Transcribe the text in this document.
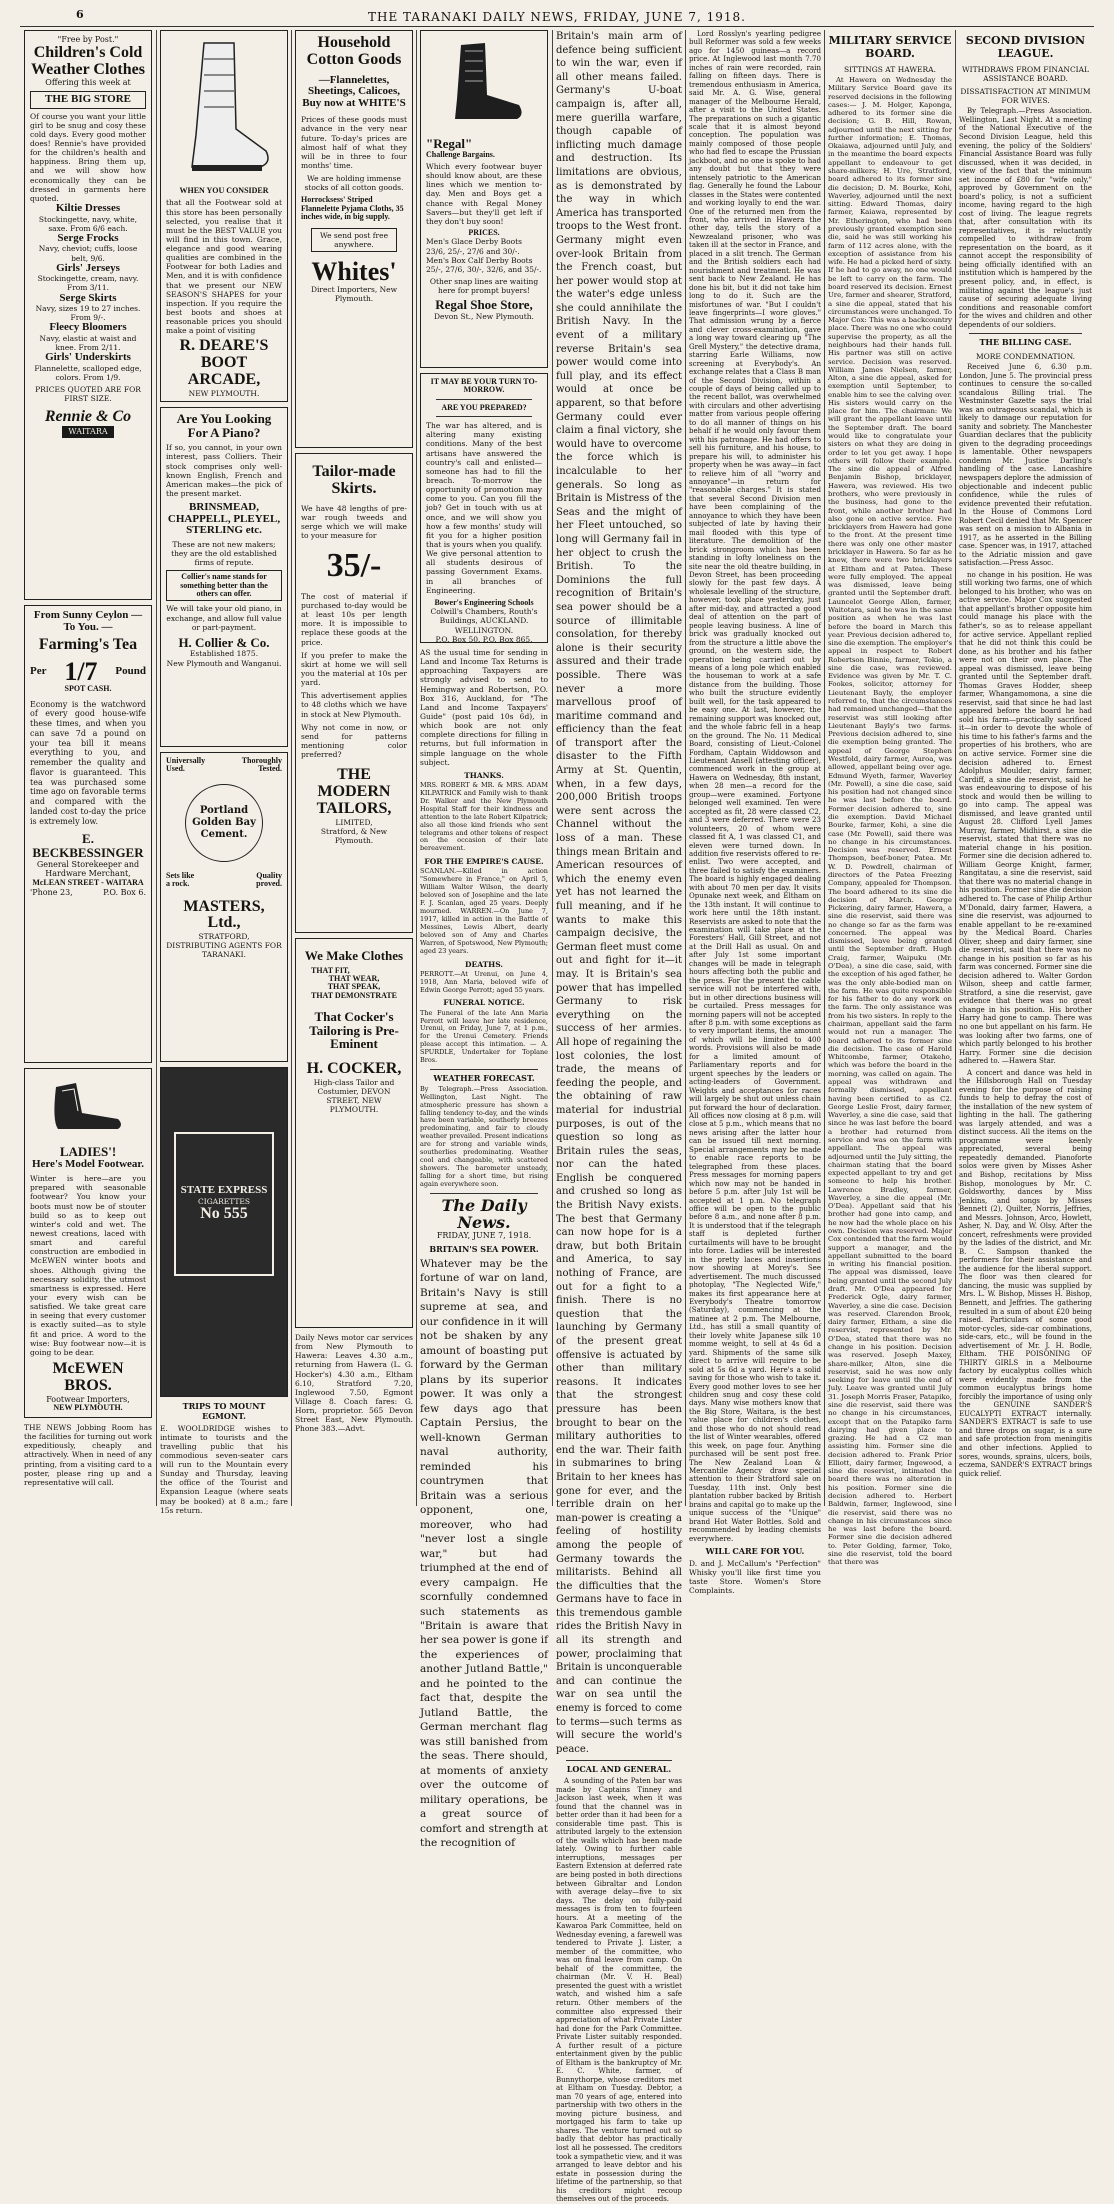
6	THE TARANAKI DAILY NEWS, FRIDAY, JUNE 7, 1918.
"Free by Post."
Children's Cold Weather Clothes
Offering this week at
THE BIG STORE
Of course you want your little girl to be snug and cosy these cold days. Every good mother does! Rennie's have provided for the children's health and happiness. Bring them up, and we will show how economically they can be dressed in garments here quoted.
Kiltie Dresses
Stockingette, navy, white, saxe. From 6/6 each.
Serge Frocks
Navy, cheviot; cuffs, loose belt, 9/6.
Girls' Jerseys
Stockingette, cream, navy. From 3/11.
Serge Skirts
Navy, sizes 19 to 27 inches. From 9/-.
Fleecy Bloomers
Navy, elastic at waist and knee. From 2/11.
Girls' Underskirts
Flannelette, scalloped edge, colors. From 1/9.
PRICES QUOTED ARE FOR FIRST SIZE.
Rennie & Co
WAITARA
From Sunny Ceylon — To You. —
Farming's Tea
Per 1/7 Pound
SPOT CASH.
Economy is the watchword of every good house-wife these times, and when you can save 7d a pound on your tea bill it means everything to you, and remember the quality and flavor is guaranteed. This tea was purchased some time ago on favorable terms and compared with the landed cost to-day the price is extremely low.
E. BECKBESSINGER
General Storekeeper and Hardware Merchant,
McLEAN STREET - WAITARA
'Phone 23,	P.O. Box 6.
LADIES'!
Here's Model Footwear.
Winter is here—are you prepared with seasonable footwear? You know your boots must now be of stouter build so as to keep out winter's cold and wet. The newest creations, laced with smart and careful construction are embodied in McEWEN winter boots and shoes. Although giving the necessary solidity, the utmost smartness is expressed. Here your every wish can be satisfied. We take great care in seeing that every customer is exactly suited—as to style fit and price. A word to the wise: Buy footwear now—it is going to be dear.
McEWEN BROS.
Footwear Importers,
NEW PLYMOUTH.
THE NEWS Jobbing Room has the facilities for turning out work expeditiously, cheaply and attractively. When in need of any printing, from a visiting card to a poster, please ring up and a representative will call.
WHEN YOU CONSIDER
that all the Footwear sold at this store has been personally selected, you realise that it must be the BEST VALUE you will find in this town. Grace, elegance and good wearing qualities are combined in the Footwear for both Ladies and Men, and it is with confidence that we present our NEW SEASON'S SHAPES for your inspection. If you require the best boots and shoes at reasonable prices you should make a point of visiting
R. DEARE'S BOOT ARCADE,
NEW PLYMOUTH.
Are You Looking For A Piano?
If so, you cannot, in your own interest, pass Colliers. Their stock comprises only well-known English, French and American makes—the pick of the present market.
BRINSMEAD, CHAPPELL, PLEYEL, STERLING etc.
These are not new makers; they are the old established firms of repute.
Collier's name stands for something better than the others can offer.
We will take your old piano, in exchange, and allow full value or part-payment.
H. Collier & Co.
Established 1875.
New Plymouth and Wanganui.
Universally	Thoroughly
Used.	Tested.
Portland Golden Bay Cement.
Sets like	Quality
a rock.	proved.
MASTERS, Ltd.,
STRATFORD,
DISTRIBUTING AGENTS FOR TARANAKI.
STATE EXPRESS
CIGARETTES
No 555
TRIPS TO MOUNT EGMONT.
E. WOOLDRIDGE wishes to intimate to tourists and the travelling public that his commodious seven-seater cars will run to the Mountain every Sunday and Thursday, leaving the office of the Tourist and Expansion League (where seats may be booked) at 8 a.m.; fare 15s return.
Household Cotton Goods
—Flannelettes, Sheetings, Calicoes, Buy now at WHITE'S
Prices of these goods must advance in the very near future. To-day's prices are almost half of what they will be in three to four months' time.
We are holding immense stocks of all cotton goods.
Horrocksess' Striped Flannelette Pyjama Cloths, 35 inches wide, in big supply.
We send post free anywhere.
Whites'
Direct Importers, New Plymouth.
Tailor-made Skirts.
We have 48 lengths of pre-war rough tweeds and serge which we will make to your measure for
35/-
The cost of material if purchased to-day would be at least 10s per length more. It is impossible to replace these goods at the price.
If you prefer to make the skirt at home we will sell you the material at 10s per yard.
This advertisement applies to 48 cloths which we have in stock at New Plymouth.
Why not come in now, or send for patterns mentioning color preferred?
THE MODERN TAILORS,
LIMITED,
Stratford, & New Plymouth.
We Make Clothes
THAT FIT,
THAT WEAR,
THAT SPEAK,
THAT DEMONSTRATE
That Cocker's Tailoring is Pre-Eminent
H. COCKER,
High-class Tailor and Costumier, DEVON STREET, NEW PLYMOUTH.
Daily News motor car services from New Plymouth to Hawera: Leaves 4.30 a.m., returning from Hawera (L. G. Hocker's) 4.30 a.m., Eltham 6.10, Stratford 7.20, Inglewood 7.50, Egmont Village 8. Coach fares: G. Horn, proprietor. 565 Devon Street East, New Plymouth. Phone 383.—Advt.
"Regal"
Challenge Bargains.
Which every footwear buyer should know about, are these lines which we mention to-day. Men and Boys get a chance with Regal Money Savers—but they'll get left if they don't buy soon!
PRICES.
Men's Glace Derby Boots 23/6, 25/-, 27/6 and 30/-.
Men's Box Calf Derby Boots 25/-, 27/6, 30/-, 32/6, and 35/-.
Other snap lines are waiting here for prompt buyers!
Regal Shoe Store,
Devon St., New Plymouth.
IT MAY BE YOUR TURN TO-MORROW.
ARE YOU PREPARED?
The war has altered, and is altering many existing conditions. Many of the best artisans have answered the country's call and enlisted—someone has had to fill the breach. To-morrow the opportunity of promotion may come to you. Can you fill the job? Get in touch with us at once, and we will show you how a few months' study will fit you for a higher position that is yours when you qualify. We give personal attention to all students desirous of passing Government Exams. in all branches of Engineering.
Bower's Engineering Schools
Colwill's Chambers, Routh's Buildings, AUCKLAND. WELLINGTON.
P.O. Box 50. P.O. Box 865.
AS the usual time for sending in Land and Income Tax Returns is approaching Taxpayers are strongly advised to send to Hemingway and Robertson, P.O. Box 316, Auckland, for "The Land and Income Taxpayers' Guide" (post paid 10s 6d), in which book are not only complete directions for filling in returns, but full information in simple language on the whole subject.
THANKS.
MRS. ROBERT & MR. & MRS. ADAM KILPATRICK and Family wish to thank Dr. Walker and the New Plymouth Hospital Staff for their kindness and attention to the late Robert Kilpatrick; also all those kind friends who sent telegrams and other tokens of respect on the occasion of their late bereavement.
FOR THE EMPIRE'S CAUSE.
SCANLAN.—Killed in action "Somewhere in France," on April 5, William Walter Wilson, the dearly beloved son of Josephine and the late F. J. Scanlan, aged 25 years. Deeply mourned. WARREN.—On June 7, 1917, killed in action in the Battle of Messines, Lewis Albert, dearly beloved son of Amy and Charles Warren, of Spotswood, New Plymouth; aged 23 years.
DEATHS.
PERROTT.—At Urenui, on June 4, 1918, Ann Maria, beloved wife of Edwin George Perrott; aged 55 years.
FUNERAL NOTICE.
The Funeral of the late Ann Maria Perrott will leave her late residence, Urenui, on Friday, June 7, at 1 p.m., for the Urenui Cemetery. Friends please accept this intimation. — A. SPURDLE, Undertaker for Toplane Bros.
WEATHER FORECAST.
By Telegraph.—Press Association. Wellington, Last Night. The atmospheric pressure has shown a falling tendency to-day, and the winds have been variable, southerly breezes predominating, and fair to cloudy weather prevailed. Present indications are for strong and variable winds, southerlies predominating. Weather cool and changeable, with scattered showers. The barometer unsteady, falling for a short time, but rising again everywhere soon.
The Daily News.
FRIDAY, JUNE 7, 1918.
BRITAIN'S SEA POWER.
Whatever may be the fortune of war on land, Britain's Navy is still supreme at sea, and our confidence in it will not be shaken by any amount of boasting put forward by the German plans by its superior power. It was only a few days ago that Captain Persius, the well-known German naval authority, reminded his countrymen that Britain was a serious opponent, one, moreover, who had "never lost a single war," but had triumphed at the end of every campaign. He scornfully condemned such statements as "Britain is aware that her sea power is gone if the experiences of another Jutland Battle," and he pointed to the fact that, despite the Jutland Battle, the German merchant flag was still banished from the seas. There should, at moments of anxiety over the outcome of military operations, be a great source of comfort and strength at the recognition of
Britain's main arm of defence being sufficient to win the war, even if all other means failed. Germany's U-boat campaign is, after all, mere guerilla warfare, though capable of inflicting much damage and destruction. Its limitations are obvious, as is demonstrated by the way in which America has transported troops to the West front. Germany might even over-look Britain from the French coast, but her power would stop at the water's edge unless she could annihilate the British Navy. In the event of a military reverse Britain's sea power would come into full play, and its effect would at once be apparent, so that before Germany could ever claim a final victory, she would have to overcome the force which is incalculable to her generals. So long as Britain is Mistress of the Seas and the might of her Fleet untouched, so long will Germany fail in her object to crush the British. To the Dominions the full recognition of Britain's sea power should be a source of illimitable consolation, for thereby alone is their security assured and their trade possible. There was never a more marvellous proof of maritime command and efficiency than the feat of transport after the disaster to the Fifth Army at St. Quentin, when, in a few days, 200,000 British troops were sent across the Channel without the loss of a man. These things mean Britain and American resources of which the enemy even yet has not learned the full meaning, and if he wants to make this campaign decisive, the German fleet must come out and fight for it—it may. It is Britain's sea power that has impelled Germany to risk everything on the success of her armies. All hope of regaining the lost colonies, the lost trade, the means of feeding the people, and the obtaining of raw material for industrial purposes, is out of the question so long as Britain rules the seas, nor can the hated English be conquered and crushed so long as the British Navy exists. The best that Germany can now hope for is a draw, but both Britain and America, to say nothing of France, are out for a fight to a finish. There is no question that the launching by Germany of the present great offensive is actuated by other than military reasons. It indicates that the strongest pressure has been brought to bear on the military authorities to end the war. Their faith in submarines to bring Britain to her knees has gone for ever, and the terrible drain on her man-power is creating a feeling of hostility among the people of Germany towards the militarists. Behind all the difficulties that the Germans have to face in this tremendous gamble rides the British Navy in all its strength and power, proclaiming that Britain is unconquerable and can continue the war on sea until the enemy is forced to come to terms—such terms as will secure the world's peace.
LOCAL AND GENERAL.
A sounding of the Paten bar was made by Captains Tinney and Jackson last week, when it was found that the channel was in better order than it had been for a considerable time past. This is attributed largely to the extension of the walls which has been made lately. Owing to further cable interruptions, messages per Eastern Extension at deferred rate are being posted in both directions between Gibraltar and London with average delay—five to six days. The delay on fully-paid messages is from ten to fourteen hours. At a meeting of the Kawaroa Park Committee, held on Wednesday evening, a farewell was tendered to Private J. Lister, a member of the committee, who was on final leave from camp. On behalf of the committee, the chairman (Mr. V. H. Beal) presented the guest with a wristlet watch, and wished him a safe return. Other members of the committee also expressed their appreciation of what Private Lister had done for the Park Committee. Private Lister suitably responded. A further result of a picture entertainment given by the public of Eltham is the bankruptcy of Mr. E. C. White, farmer, of Bunnythorpe, whose creditors met at Eltham on Tuesday. Debtor, a man 70 years of age, entered into partnership with two others in the moving picture business, and mortgaged his farm to take up shares. The venture turned out so badly that debtor has practically lost all he possessed. The creditors took a sympathetic view, and it was arranged to leave debtor and his estate in possession during the lifetime of the partnership, so that his creditors might recoup themselves out of the proceeds.
Lord Rosslyn's yearling pedigree bull Reformer was sold a few weeks ago for 1450 guineas—a record price. At Inglewood last month 7.70 inches of rain were recorded, rain falling on fifteen days. There is tremendous enthusiasm in America, said Mr. A. G. Wise, general manager of the Melbourne Herald, after a visit to the United States. The preparations on such a gigantic scale that it is almost beyond conception. The population was mainly composed of those people who had fled to escape the Prussian jackboot, and no one is spoke to had any doubt but that they were intensely patriotic to the American flag. Generally he found the Labour classes in the States were contented and working loyally to end the war. One of the returned men from the front, who arrived in Hawera the other day, tells the story of a Newzealand prisoner, who was taken ill at the sector in France, and placed in a slit trench. The German and the British soldiers each had nourishment and treatment. He was sent back to New Zealand. He has done his bit, but it did not take him long to do it. Such are the misfortunes of war. "But I couldn't leave fingerprints—I wore gloves." That admission wrung by a fierce and clever cross-examination, gave a long way toward clearing up "The Grell Mystery," the detective drama, starring Earle Williams, now screening at Everybody's. An exchange relates that a Class B man of the Second Division, within a couple of days of being called up to the recent ballot, was overwhelmed with circulars and other advertising matter from various people offering to do all manner of things on his behalf if he would only favour them with his patronage. He had offers to sell his furniture, and his house, to prepare his will, to administer his property when he was away—in fact to relieve him of all "worry and annoyance"—in return for "reasonable charges." It is stated that several Second Division men have been complaining of the annoyance to which they have been subjected of late by having their mail flooded with this type of literature. The demolition of the brick strongroom which has been standing in lofty loneliness on the site near the old theatre building, in Devon Street, has been proceeding slowly for the past few days. A wholesale levelling of the structure, however, took place yesterday, just after mid-day, and attracted a good deal of attention on the part of people leaving business. A line of brick was gradually knocked out from the structure a little above the ground, on the western side, the operation being carried out by means of a long pole which enabled the houseman to work at a safe distance from the building. Those who built the structure evidently built well, for the task appeared to be easy one. At last, however, the remaining support was knocked out, and the whole fabric fell in a heap on the ground. The No. 11 Medical Board, consisting of Lieut.-Colonel Fordham, Captain Widdowson and Lieutenant Ansell (attesting officer), commenced work in the group at Hawera on Wednesday, 8th instant, when 28 men—a record for the group—were examined. Fortyone belonged well examined. Ten were accepted as fit, 28 were classed C2, and 3 were deferred. There were 23 volunteers, 20 of whom were classed fit A, 1 was classed C1, and eleven were turned down. In addition five reservists offered to re-enlist. Two were accepted, and three failed to satisfy the examiners. The board is highly engaged dealing with about 70 men per day. It visits Opunake next week, and Eltham on the 13th instant. It will continue to work here until the 18th instant. Reservists are asked to note that the examination will take place at the Foresters' Hall, Gill Street, and not at the Drill Hall as usual. On and after July 1st some important changes will be made in telegraph hours affecting both the public and the press. For the present the cable service will not be interfered with, but in other directions business will be curtailed. Press messages for morning papers will not be accepted after 8 p.m. with some exceptions as to very important items, the amount of which will be limited to 400 words. Provisions will also be made for a limited amount of Parliamentary reports and for urgent speeches by the leaders or acting-leaders of Government. Weights and acceptances for races will largely be shut out unless chain put forward the hour of declaration. All offices now closing at 8 p.m. will close at 5 p.m., which means that no news arising after the latter hour can be issued till next morning. Special arrangements may be made to enable race reports to be telegraphed from these places. Press messages for morning papers which now may not be handed in before 5 p.m. after July 1st will be accepted at 1 p.m. No telegraph office will be open to the public before 8 a.m., and none after 8 p.m. It is understood that if the telegraph staff is depleted further curtailments will have to be brought into force. Ladies will be interested in the pretty laces and insertions now showing at Morey's. See advertisement. The much discussed photoplay, "The Neglected Wife," makes its first appearance here at Everybody's Theatre tomorrow (Saturday), commencing at the matinee at 2 p.m. The Melbourne, Ltd., has still a small quantity of their lovely white Japanese silk 10 momme weight, to sell at 4s 6d a yard. Shipments of the same silk direct to arrive will require to be sold at 5s 6d a yard. Here's a solid saving for those who wish to take it. Every good mother loves to see her children snug and cosy these cold days. Many wise mothers know that the Big Store, Waitara, is the best value place for children's clothes, and those who do not should read the list of Winter wearables, offered this week, on page four. Anything purchased will be sent post free. The New Zealand Loan & Mercantile Agency draw special attention to their Stratford sale on Tuesday, 11th inst. Only best plantation rubber backed by British brains and capital go to make up the unique success of the "Unique" brand Hot Water Bottles. Sold and recommended by leading chemists everywhere.
WILL CARE FOR YOU.
D. and J. McCallum's "Perfection" Whisky you'll like first time you taste Store. Women's Store Complaints.
MILITARY SERVICE BOARD.
SITTINGS AT HAWERA.
At Hawera on Wednesday the Military Service Board gave its reserved decisions in the following cases:— J. M. Holger, Kaponga, adhered to its former sine die decision; G. B. Hill, Rowan, adjourned until the next sitting for further information; E. Thomas, Okaiawa, adjourned until July, and in the meantime the board expects appellant to endeavour to get share-milkers; H. Ure, Stratford, board adhered to its former sine die decision; D. M. Bourke, Kohi, Waverley, adjourned until the next sitting. Edward Thomas, dairy farmer, Kaiawa, represented by Mr. Etherington, who had been previously granted exemption sine die, said he was still working his farm of 112 acres alone, with the exception of assistance from his wife. He had a picked herd of sixty. If he had to go away, no one would be left to carry on the farm. The board reserved its decision. Ernest Ure, farmer and shearer, Stratford, a sine die appeal, stated that his circumstances were unchanged. To Major Cox: This was a backcountry place. There was no one who could supervise the property, as all the neighbours had their hands full. His partner was still on active service. Decision was reserved. William James Nielsen, farmer, Alton, a sine die appeal, asked for exemption until September, to enable him to see the calving over. His sisters would carry on the place for him. The chairman: We will grant the appellant leave until the September draft. The board would like to congratulate your sisters on what they are doing in order to let you get away. I hope others will follow their example. The sine die appeal of Alfred Benjamin Bishop, bricklayer, Hawera, was reviewed. His two brothers, who were previously in the business, had gone to the front, while another brother had also gone on active service. Five bricklayers from Hawera had gone to the front. At the present time there was only one other master bricklayer in Hawera. So far as he knew, there were two bricklayers at Eltham and at Patea. These were fully employed. The appeal was dismissed, leave being granted until the September draft. Launcelot George Allen, farmer, Waitotara, said he was in the same position as when he was last before the board in March this year. Previous decision adhered to, sine die exemption. The employer's appeal in respect to Robert Robertson Binnie, farmer, Tokio, a sine die case, was reviewed. Evidence was given by Mr. T. C. Fookes, solicitor, attorney for Lieutenant Bayly, the employer referred to, that the circumstances had remained unchanged—that the reservist was still looking after Lieutenant Bayly's two farms. Previous decision adhered to, sine die exemption being granted. The appeal of George Stephen Westfold, dairy farmer, Auroa, was allowed, appellant being over age. Edmund Wyeth, farmer, Waverley (Mr. Powell), a sine die case, said his position had not changed since he was last before the board. Former decision adhered to, sine die exemption. David Michael Bourke, farmer, Kohi, a sine die case (Mr. Powell), said there was no change in his circumstances. Decision was reserved. Ernest Thompson, beef-boner, Patea. Mr. W. D. Powdrell, chairman of directors of the Patea Freezing Company, appealed for Thompson. The board adhered to its sine die decision of March. George Pickering, dairy farmer, Hawera, a sine die reservist, said there was no change so far as the farm was concerned. The appeal was dismissed, leave being granted until the September draft. Hugh Craig, farmer, Waipuku (Mr. O'Dea), a sine die case, said, with the exception of his aged father, he was the only able-bodied man on the farm. He was quite responsible for his father to do any work on the farm. The only assistance was from his two sisters. In reply to the chairman, appellant said the farm would not run a manager. The board adhered to its former sine die decision. The case of Harold Whitcombe, farmer, Otakeho, which was before the board in the morning, was called on again. The appeal was withdrawn and formally dismissed, appellant having been certified to as C2. George Leslie Frost, dairy farmer, Waverley, a sine die case, said that since he was last before the board a brother had returned from service and was on the farm with appellant. The appeal was adjourned until the July sitting, the chairman stating that the board expected appellant to try and get someone to help his brother. Lawrence Bradley, farmer, Waverley, a sine die appeal (Mr. O'Dea). Appellant said that his brother had gone into camp, and he now had the whole place on his own. Decision was reserved. Major Cox contended that the farm would support a manager, and the appellant submitted to the board in writing his financial position. The appeal was dismissed, leave being granted until the second July draft. Mr. O'Dea appeared for Frederick Ogle, dairy farmer, Waverley, a sine die case. Decision was reserved. Clarendon Brook, dairy farmer, Eltham, a sine die reservist, represented by Mr. O'Dea, stated that there was no change in his position. Decision was reserved. Joseph Maxey, share-milker, Alton, sine die reservist, said he was now only seeking for leave until the end of July. Leave was granted until July 31. Joseph Morris Fraser, Patapiko, sine die reservist, said there was no change in his circumstances, except that on the Patapiko farm dairying had given place to grazing. He had a C2 man assisting him. Former sine die decision adhered to. Frank Prior Elliott, dairy farmer, Ingewood, a sine die reservist, intimated the board there was no alteration in his position. Former sine die decision adhered to. Herbert Baldwin, farmer, Inglewood, sine die reservist, said there was no change in his circumstances since he was last before the board. Former sine die decision adhered to. Peter Golding, farmer, Toko, sine die reservist, told the board that there was
SECOND DIVISION LEAGUE.
WITHDRAWS FROM FINANCIAL ASSISTANCE BOARD.
DISSATISFACTION AT MINIMUM FOR WIVES.
By Telegraph.—Press Association. Wellington, Last Night. At a meeting of the National Executive of the Second Division League, held this evening, the policy of the Soldiers' Financial Assistance Board was fully discussed, when it was decided, in view of the fact that the minimum set income of £80 for "wife only," approved by Government on the board's policy, is not a sufficient income, having regard to the high cost of living. The league regrets that, after consultation with its representatives, it is reluctantly compelled to withdraw from representation on the board, as it cannot accept the responsibility of being officially identified with an institution which is hampered by the present policy, and, in effect, is militating against the league's just cause of securing adequate living conditions and reasonable comfort for the wives and children and other dependents of our soldiers.
THE BILLING CASE.
MORE CONDEMNATION.
Received June 6, 6.30 p.m. London, June 5. The provincial press continues to censure the so-called scandalous Billing trial. The Westminster Gazette says the trial was an outrageous scandal, which is likely to damage our reputation for sanity and sobriety. The Manchester Guardian declares that the publicity given to the degrading proceedings is lamentable. Other newspapers condemn Mr. Justice Darling's handling of the case. Lancashire newspapers deplore the admission of objectionable and indecent public confidence, while the rules of evidence prevented their refutation. In the House of Commons Lord Robert Cecil denied that Mr. Spencer was sent on a mission to Albania in 1917, as he asserted in the Billing case. Spencer was, in 1917, attached to the Adriatic mission and gave satisfaction.—Press Assoc.
no change in his position. He was still working two farms, one of which belonged to his brother, who was on active service. Major Cox suggested that appellant's brother opposite him could manage his place with the father's, so as to release appellant for active service. Appellant replied that he did not think this could be done, as his brother and his father were not on their own place. The appeal was dismissed, leave being granted until the September draft. Thomas Graves Hodder, sheep farmer, Whangamomona, a sine die reservist, said that since he had last appeared before the board he had sold his farm—practically sacrificed it—in order to devote the whole of his time to his father's farms and the properties of his brothers, who are on active service. Former sine die decision adhered to. Ernest Adolphus Moulder, dairy farmer, Cardiff, a sine die reservist, said he was endeavouring to dispose of his stock and would then be willing to go into camp. The appeal was dismissed, and leave granted until August 28. Clifford Lyell James Murray, farmer, Midhirst, a sine die reservist, stated that there was no material change in his position. Former sine die decision adhered to. William George Knight, farmer, Rangitatau, a sine die reservist, said that there was no material change in his position. Former sine die decision adhered to. The case of Philip Arthur M'Donald, dairy farmer, Hawera, a sine die reservist, was adjourned to enable appellant to be re-examined by the Medical Board. Charles Oliver, sheep and dairy farmer, sine die reservist, said that there was no change in his position so far as his farm was concerned. Former sine die decision adhered to. Walter Gordon Wilson, sheep and cattle farmer, Stratford, a sine die reservist, gave evidence that there was no great change in his position. His brother Harry had gone to camp. There was no one but appellant on his farm. He was looking after two farms, one of which partly belonged to his brother Harry. Former sine die decision adhered to. —Hawera Star.
A concert and dance was held in the Hillsborough Hall on Tuesday evening for the purpose of raising funds to help to defray the cost of the installation of the new system of lighting in the hall. The gathering was largely attended, and was a distinct success. All the items on the programme were keenly appreciated, several being repeatedly demanded. Pianoforte solos were given by Misses Asher and Bishop, recitations by Miss Bishop, monologues by Mr. C. Goldsworthy, dances by Miss Jenkins, and songs by Misses Bennett (2), Quilter, Norris, Jeffries, and Messrs. Johnson, Arco, Howlett, Asher, N. Day, and W. Olsy. After the concert, refreshments were provided by the ladies of the district, and Mr. B. C. Sampson thanked the performers for their assistance and the audience for the liberal support. The floor was then cleared for dancing, the music was supplied by Mrs. L. W. Bishop, Misses H. Bishop, Bennett, and Jeffries. The gathering resulted in a sum of about £20 being raised. Particulars of some good motor-cycles, side-car combinations, side-cars, etc., will be found in the advertisement of Mr. J. H. Bodle, Eltham. THE POISONING OF THIRTY GIRLS in a Melbourne factory by eucalyptus collies which were evidently made from the common eucalyptus brings home forcibly the importance of using only the GENUINE SANDER'S EUCALYPTI EXTRACT internally. SANDER'S EXTRACT is safe to use and three drops on sugar, is a sure and safe protection from meningitis and other infections. Applied to sores, wounds, sprains, ulcers, boils, eczema, SANDER'S EXTRACT brings quick relief.
